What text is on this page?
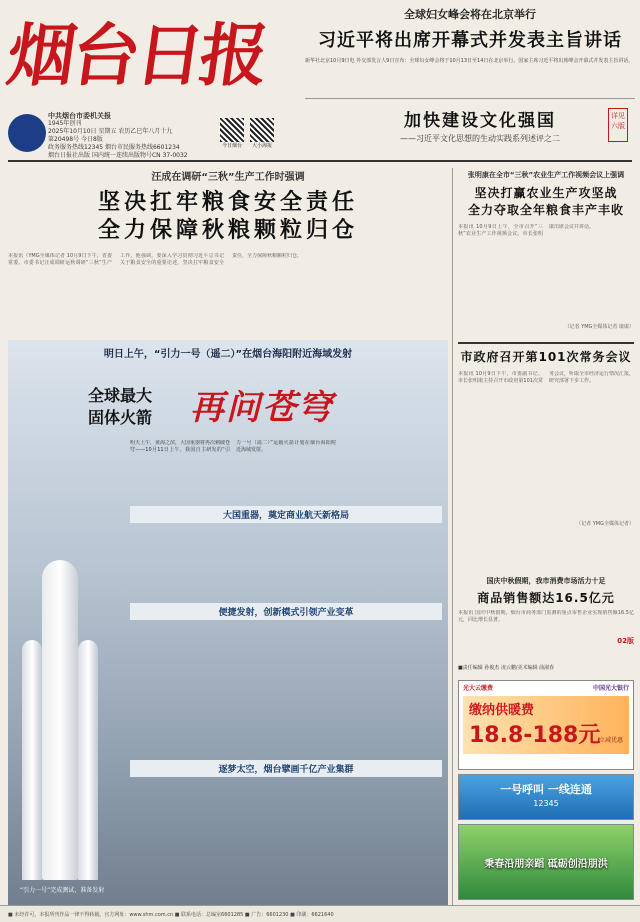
烟台日报
中共烟台市委机关报
1945年创刊
2025年10月10日 星期五 农历乙巳年八月十九
第20498号 今日8版
政务服务热线12345 烟台市民服务热线6601234
烟台日报社出版 国内统一连续出版物号CN 37-0032
今日烟台	大小海报
全球妇女峰会将在北京举行
习近平将出席开幕式并发表主旨讲话
新华社北京10月9日电 外交部发言人9日宣布：全球妇女峰会将于10月13日至14日在北京举行。国家主席习近平将出席峰会开幕式并发表主旨讲话。
加快建设文化强国
——习近平文化思想的生动实践系列述评之二
详见六版
汪成在调研“三秋”生产工作时强调
坚决扛牢粮食安全责任
全力保障秋粮颗粒归仓
本报讯（YMG全媒体记者 10月9日下午，省委常委、市委书记汪成调研运秋调研“三秋”生产工作。他强调，要深入学习贯彻习近平总书记关于粮食安全的重要论述，坚决扛牢粮食安全责任，全力保障秋粮颗粒归仓。
张明康在全市“三秋”农业生产工作视频会议上强调
坚决打赢农业生产攻坚战
全力夺取全年粮食丰产丰收
本报讯 10月9日上午，全市召开“三秋”农业生产工作视频会议。市长张明康出席会议并讲话。
（记者 YMG全媒体记者 康康）
明日上午，“引力一号（遥二）”在烟台海阳附近海域发射
全球最大
固体火箭	再问苍穹
明天上午，黄海之滨，大国重器将再次刺破苍穹——10月11日上午，我国自主研发的“引力一号（遥二）”运载火箭计划在烟台海阳附近海域发射。
大国重器，奠定商业航天新格局
便捷发射，创新模式引领产业变革
逐梦太空，烟台擘画千亿产业集群
“引力一号”完成测试，准备发射
市政府召开第101次常务会议
本报讯 10月9日下午，市委副书记、市长张明康主持召开市政府第101次常务会议，听取全市经济运行情况汇报，研究部署下步工作。
（记者 YMG全媒体记者）
国庆中秋假期，我市消费市场活力十足
商品销售额达16.5亿元
本报讯 国庆中秋假期，烟台市商务部门监测的重点零售企业实现销售额16.5亿元，同比增长显著。
02版
■责任编辑 孙俊杰 凌云鹏/美术编辑 曲淑春
光大云缴费	中国光大银行
缴纳供暖费
18.8-188元
立减优惠
一号呼叫 一线连通
12345
秉春沿朋亲蹈 砥砺创沿朋洪
■ 未经许可，本报所刊作品一律不得转载。官方网址：www.shm.com.cn ■ 联系电话：总编室6601285 ■ 广告：6601230 ■ 印刷：6621640
